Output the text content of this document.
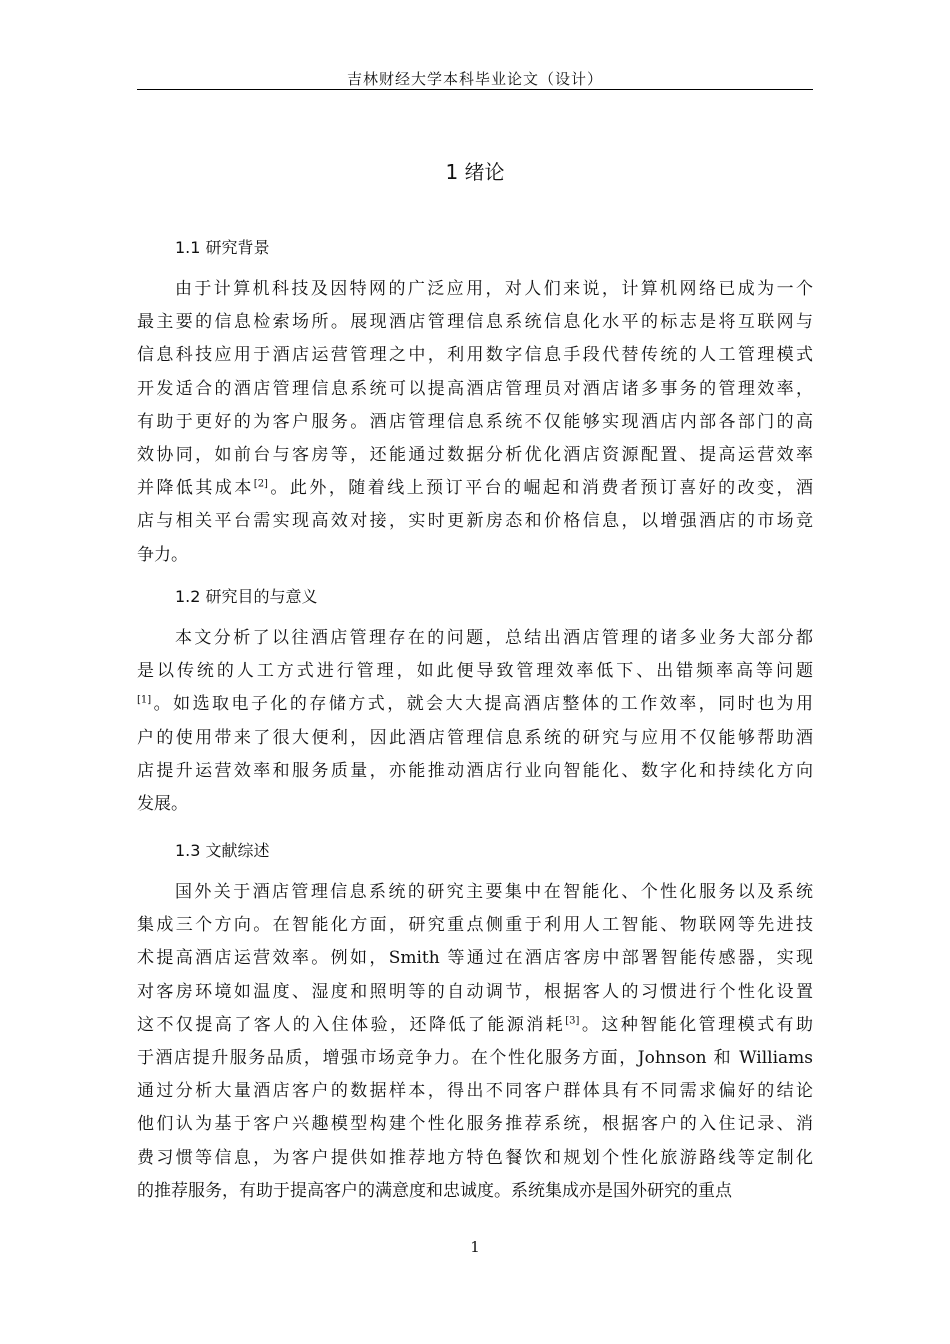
吉林财经大学本科毕业论文（设计）
1 绪论
1.1 研究背景
由于计算机科技及因特网的广泛应用，对人们来说，计算机网络已成为一个
最主要的信息检索场所。展现酒店管理信息系统信息化水平的标志是将互联网与
信息科技应用于酒店运营管理之中，利用数字信息手段代替传统的人工管理模式
开发适合的酒店管理信息系统可以提高酒店管理员对酒店诸多事务的管理效率，
有助于更好的为客户服务。酒店管理信息系统不仅能够实现酒店内部各部门的高
效协同，如前台与客房等，还能通过数据分析优化酒店资源配置、提高运营效率
并降低其成本[2]。此外，随着线上预订平台的崛起和消费者预订喜好的改变，酒
店与相关平台需实现高效对接，实时更新房态和价格信息，以增强酒店的市场竞
争力。
1.2 研究目的与意义
本文分析了以往酒店管理存在的问题，总结出酒店管理的诸多业务大部分都
是以传统的人工方式进行管理，如此便导致管理效率低下、出错频率高等问题
[1]。如选取电子化的存储方式，就会大大提高酒店整体的工作效率，同时也为用
户的使用带来了很大便利，因此酒店管理信息系统的研究与应用不仅能够帮助酒
店提升运营效率和服务质量，亦能推动酒店行业向智能化、数字化和持续化方向
发展。
1.3 文献综述
国外关于酒店管理信息系统的研究主要集中在智能化、个性化服务以及系统
集成三个方向。在智能化方面，研究重点侧重于利用人工智能、物联网等先进技
术提高酒店运营效率。例如，Smith 等通过在酒店客房中部署智能传感器，实现
对客房环境如温度、湿度和照明等的自动调节，根据客人的习惯进行个性化设置
这不仅提高了客人的入住体验，还降低了能源消耗[3]。这种智能化管理模式有助
于酒店提升服务品质，增强市场竞争力。在个性化服务方面，Johnson 和 Williams
通过分析大量酒店客户的数据样本，得出不同客户群体具有不同需求偏好的结论
他们认为基于客户兴趣模型构建个性化服务推荐系统，根据客户的入住记录、消
费习惯等信息，为客户提供如推荐地方特色餐饮和规划个性化旅游路线等定制化
的推荐服务，有助于提高客户的满意度和忠诚度。系统集成亦是国外研究的重点
1
